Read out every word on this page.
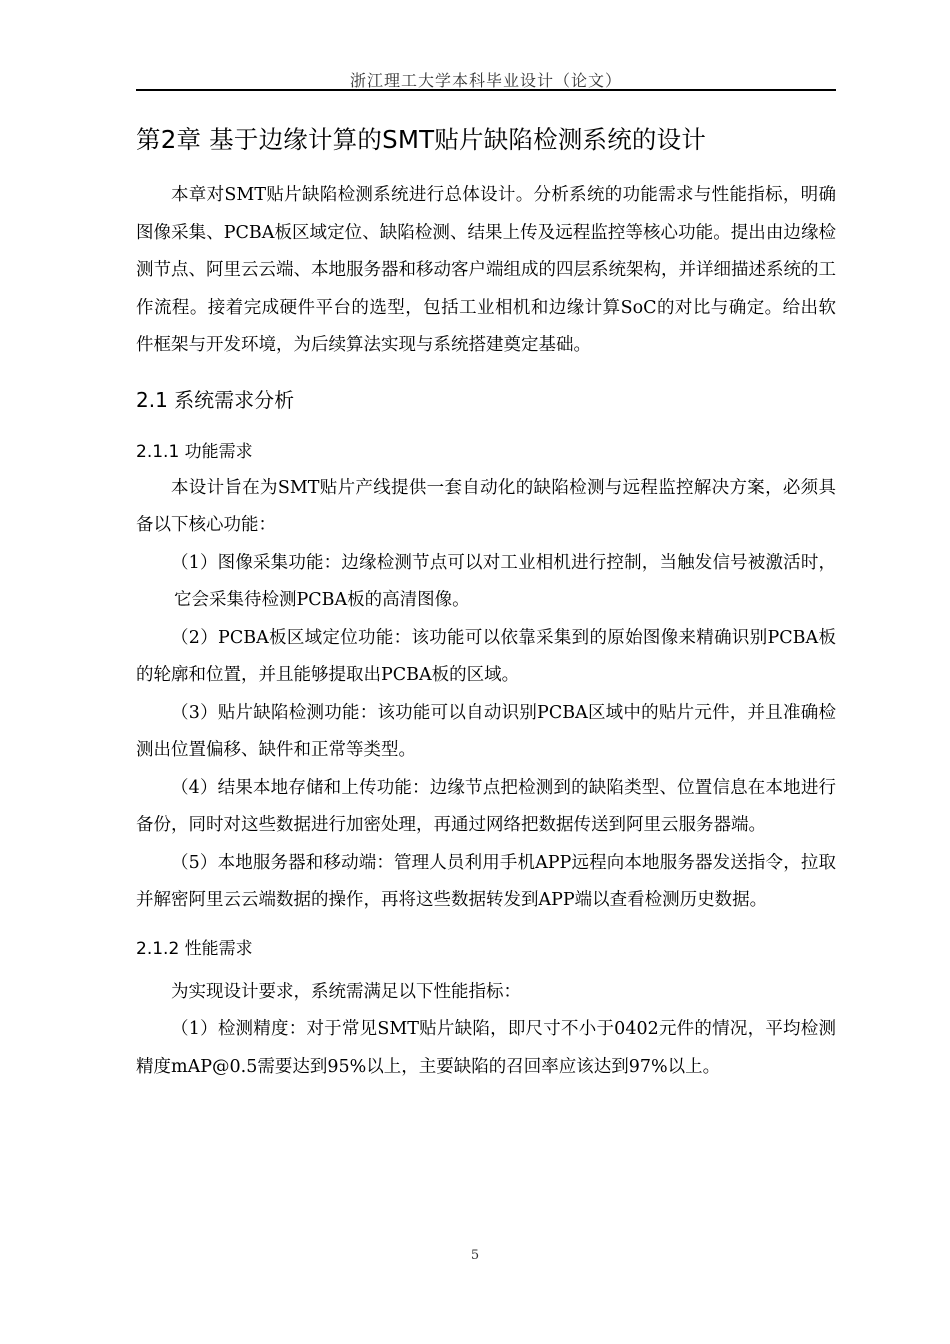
浙江理工大学本科毕业设计（论文）
第2章 基于边缘计算的SMT贴片缺陷检测系统的设计

本章对SMT贴片缺陷检测系统进行总体设计。分析系统的功能需求与性能指标，明确图像采集、PCBA板区域定位、缺陷检测、结果上传及远程监控等核心功能。提出由边缘检测节点、阿里云云端、本地服务器和移动客户端组成的四层系统架构，并详细描述系统的工作流程。接着完成硬件平台的选型，包括工业相机和边缘计算SoC的对比与确定。给出软件框架与开发环境，为后续算法实现与系统搭建奠定基础。

2.1 系统需求分析
2.1.1 功能需求

本设计旨在为SMT贴片产线提供一套自动化的缺陷检测与远程监控解决方案，必须具备以下核心功能：

（1）图像采集功能：边缘检测节点可以对工业相机进行控制，当触发信号被激活时，它会采集待检测PCBA板的高清图像。

（2）PCBA板区域定位功能：该功能可以依靠采集到的原始图像来精确识别PCBA板的轮廓和位置，并且能够提取出PCBA板的区域。

（3）贴片缺陷检测功能：该功能可以自动识别PCBA区域中的贴片元件，并且准确检测出位置偏移、缺件和正常等类型。

（4）结果本地存储和上传功能：边缘节点把检测到的缺陷类型、位置信息在本地进行备份，同时对这些数据进行加密处理，再通过网络把数据传送到阿里云服务器端。

（5）本地服务器和移动端：管理人员利用手机APP远程向本地服务器发送指令，拉取并解密阿里云云端数据的操作，再将这些数据转发到APP端以查看检测历史数据。

2.1.2 性能需求

为实现设计要求，系统需满足以下性能指标：

（1）检测精度：对于常见SMT贴片缺陷，即尺寸不小于0402元件的情况，平均检测精度mAP@0.5需要达到95%以上，主要缺陷的召回率应该达到97%以上。

5
